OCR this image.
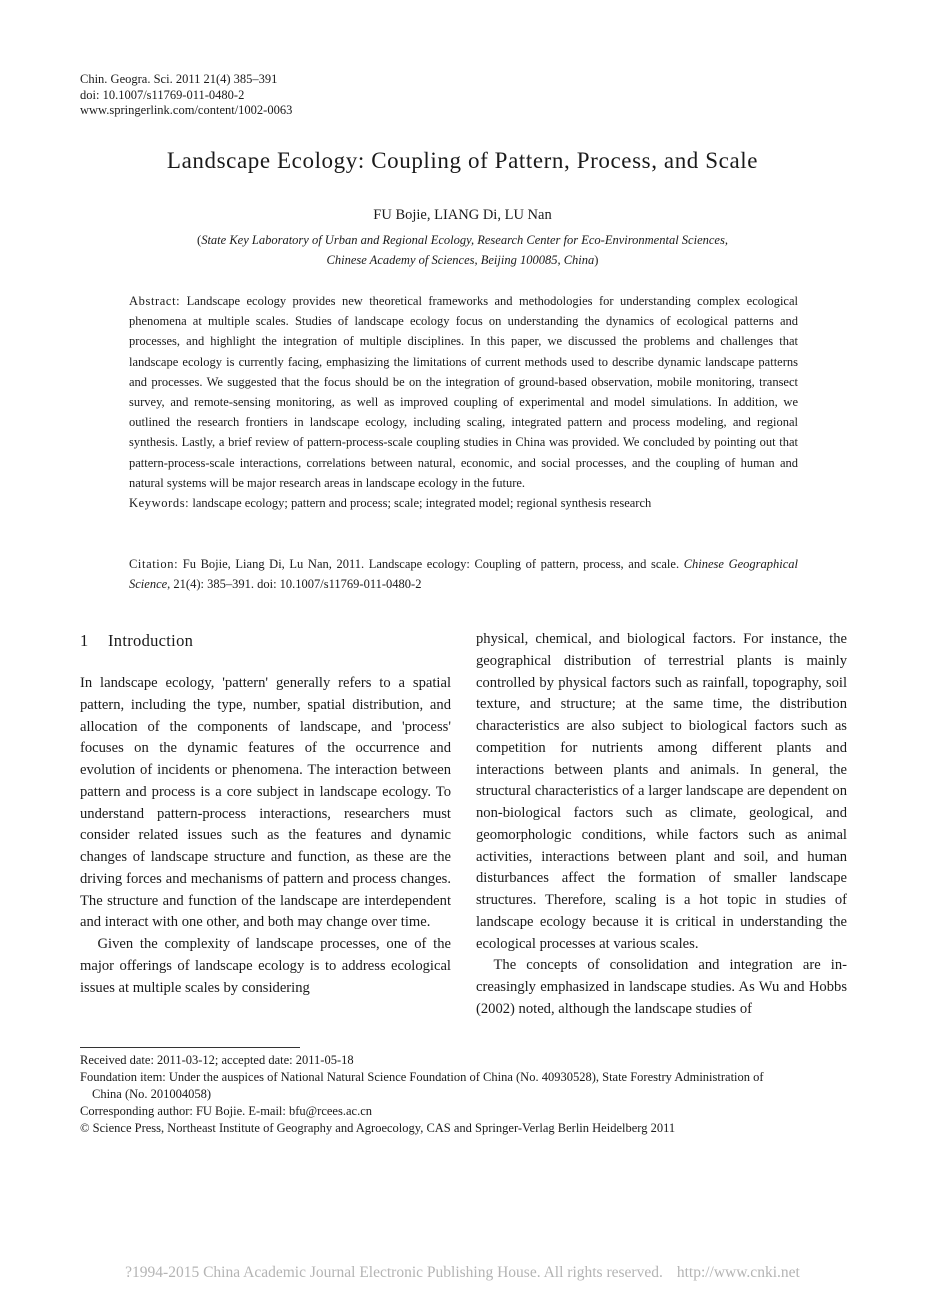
Chin. Geogra. Sci. 2011 21(4) 385–391
doi: 10.1007/s11769-011-0480-2
www.springerlink.com/content/1002-0063
Landscape Ecology: Coupling of Pattern, Process, and Scale
FU Bojie, LIANG Di, LU Nan
(State Key Laboratory of Urban and Regional Ecology, Research Center for Eco-Environmental Sciences,
Chinese Academy of Sciences, Beijing 100085, China)
Abstract: Landscape ecology provides new theoretical frameworks and methodologies for understanding complex ecological phenomena at multiple scales. Studies of landscape ecology focus on understanding the dynamics of ecological patterns and processes, and highlight the integration of multiple disciplines. In this paper, we discussed the problems and challenges that landscape ecology is currently facing, emphasizing the limitations of current methods used to describe dynamic landscape patterns and processes. We suggested that the focus should be on the integration of ground-based observation, mobile monitoring, transect survey, and remote-sensing monitoring, as well as improved coupling of experimental and model simulations. In addition, we outlined the research frontiers in landscape ecology, including scaling, integrated pattern and process modeling, and regional synthesis. Lastly, a brief review of pattern-process-scale coupling studies in China was provided. We concluded by pointing out that pattern-process-scale interactions, correlations between natural, economic, and social processes, and the coupling of human and natural systems will be major research areas in landscape ecology in the future.
Keywords: landscape ecology; pattern and process; scale; integrated model; regional synthesis research
Citation: Fu Bojie, Liang Di, Lu Nan, 2011. Landscape ecology: Coupling of pattern, process, and scale. Chinese Geographical Science, 21(4): 385–391. doi: 10.1007/s11769-011-0480-2
1 Introduction

In landscape ecology, 'pattern' generally refers to a spatial pattern, including the type, number, spatial distribution, and allocation of the components of landscape, and 'process' focuses on the dynamic features of the occurrence and evolution of incidents or phenomena. The interaction between pattern and process is a core subject in landscape ecology. To understand pattern-process interactions, researchers must consider related issues such as the features and dynamic changes of landscape structure and function, as these are the driving forces and mechanisms of pattern and process changes. The structure and function of the landscape are interdependent and interact with one other, and both may change over time.

Given the complexity of landscape processes, one of the major offerings of landscape ecology is to address ecological issues at multiple scales by considering

physical, chemical, and biological factors. For instance, the geographical distribution of terrestrial plants is mainly controlled by physical factors such as rainfall, topography, soil texture, and structure; at the same time, the distribution characteristics are also subject to biological factors such as competition for nutrients among different plants and interactions between plants and animals. In general, the structural characteristics of a larger landscape are dependent on non-biological factors such as climate, geological, and geomorphologic conditions, while factors such as animal activities, interactions between plant and soil, and human disturbances affect the formation of smaller landscape structures. Therefore, scaling is a hot topic in studies of landscape ecology because it is critical in understanding the ecological processes at various scales.

The concepts of consolidation and integration are increasingly emphasized in landscape studies. As Wu and Hobbs (2002) noted, although the landscape studies of

Received date: 2011-03-12; accepted date: 2011-05-18
Foundation item: Under the auspices of National Natural Science Foundation of China (No. 40930528), State Forestry Administration of
China (No. 201004058)
Corresponding author: FU Bojie. E-mail: bfu@rcees.ac.cn
© Science Press, Northeast Institute of Geography and Agroecology, CAS and Springer-Verlag Berlin Heidelberg 2011
?1994-2015 China Academic Journal Electronic Publishing House. All rights reserved. http://www.cnki.net
